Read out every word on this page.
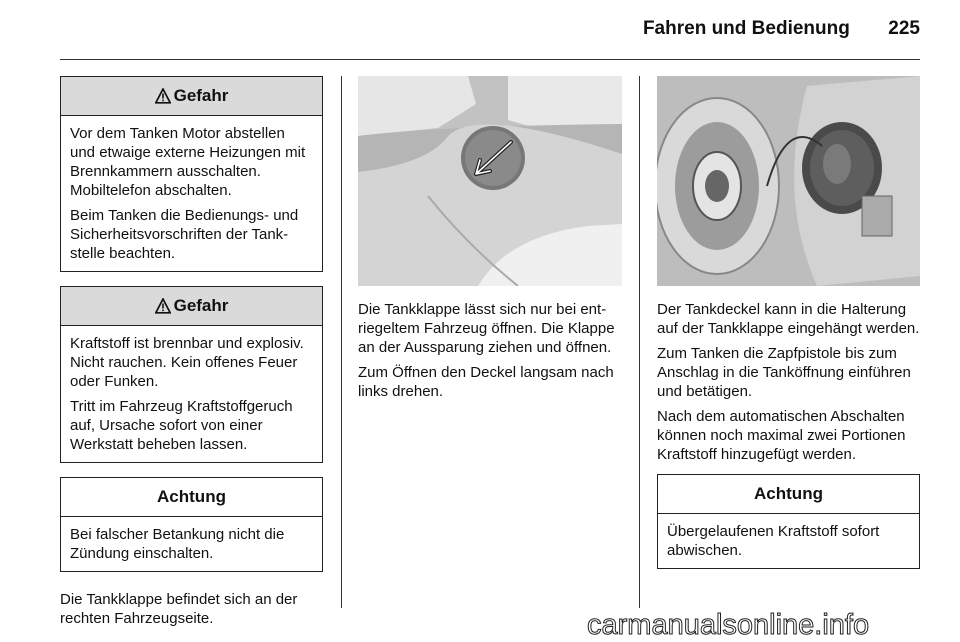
Fahren und Bedienung 225
Gefahr

Vor dem Tanken Motor abstellen und etwaige externe Heizungen mit Brennkammern ausschalten. Mobiltelefon abschalten.

Beim Tanken die Bedienungs- und Sicherheitsvorschriften der Tankstelle beachten.

Gefahr

Kraftstoff ist brennbar und explosiv. Nicht rauchen. Kein offenes Feuer oder Funken.

Tritt im Fahrzeug Kraftstoffgeruch auf, Ursache sofort von einer Werkstatt beheben lassen.

Achtung

Bei falscher Betankung nicht die Zündung einschalten.

Die Tankklappe befindet sich an der rechten Fahrzeugseite.

Die Tankklappe lässt sich nur bei entriegeltem Fahrzeug öffnen. Die Klappe an der Aussparung ziehen und öffnen.

Zum Öffnen den Deckel langsam nach links drehen.

Der Tankdeckel kann in die Halterung auf der Tankklappe eingehängt werden.

Zum Tanken die Zapfpistole bis zum Anschlag in die Tanköffnung einführen und betätigen.

Nach dem automatischen Abschalten können noch maximal zwei Portionen Kraftstoff hinzugefügt werden.

Achtung

Übergelaufenen Kraftstoff sofort abwischen.

carmanualsonline.info
